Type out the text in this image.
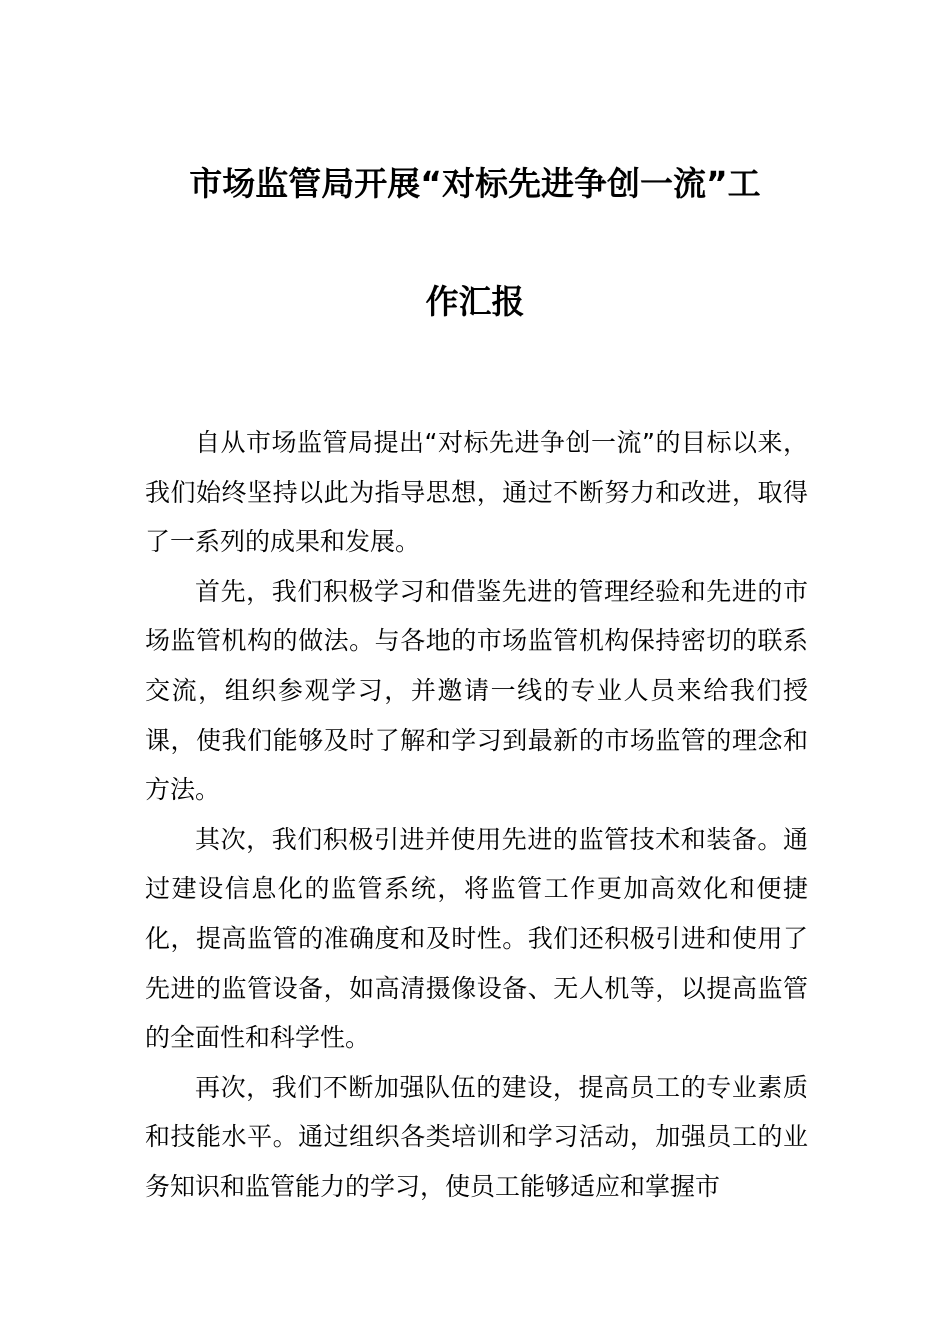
市场监管局开展“对标先进争创一流”工
作汇报

自从市场监管局提出“对标先进争创一流”的目标以来，我们始终坚持以此为指导思想，通过不断努力和改进，取得了一系列的成果和发展。

首先，我们积极学习和借鉴先进的管理经验和先进的市场监管机构的做法。与各地的市场监管机构保持密切的联系交流，组织参观学习，并邀请一线的专业人员来给我们授课，使我们能够及时了解和学习到最新的市场监管的理念和方法。

其次，我们积极引进并使用先进的监管技术和装备。通过建设信息化的监管系统，将监管工作更加高效化和便捷化，提高监管的准确度和及时性。我们还积极引进和使用了先进的监管设备，如高清摄像设备、无人机等，以提高监管的全面性和科学性。

再次，我们不断加强队伍的建设，提高员工的专业素质和技能水平。通过组织各类培训和学习活动，加强员工的业务知识和监管能力的学习，使员工能够适应和掌握市
